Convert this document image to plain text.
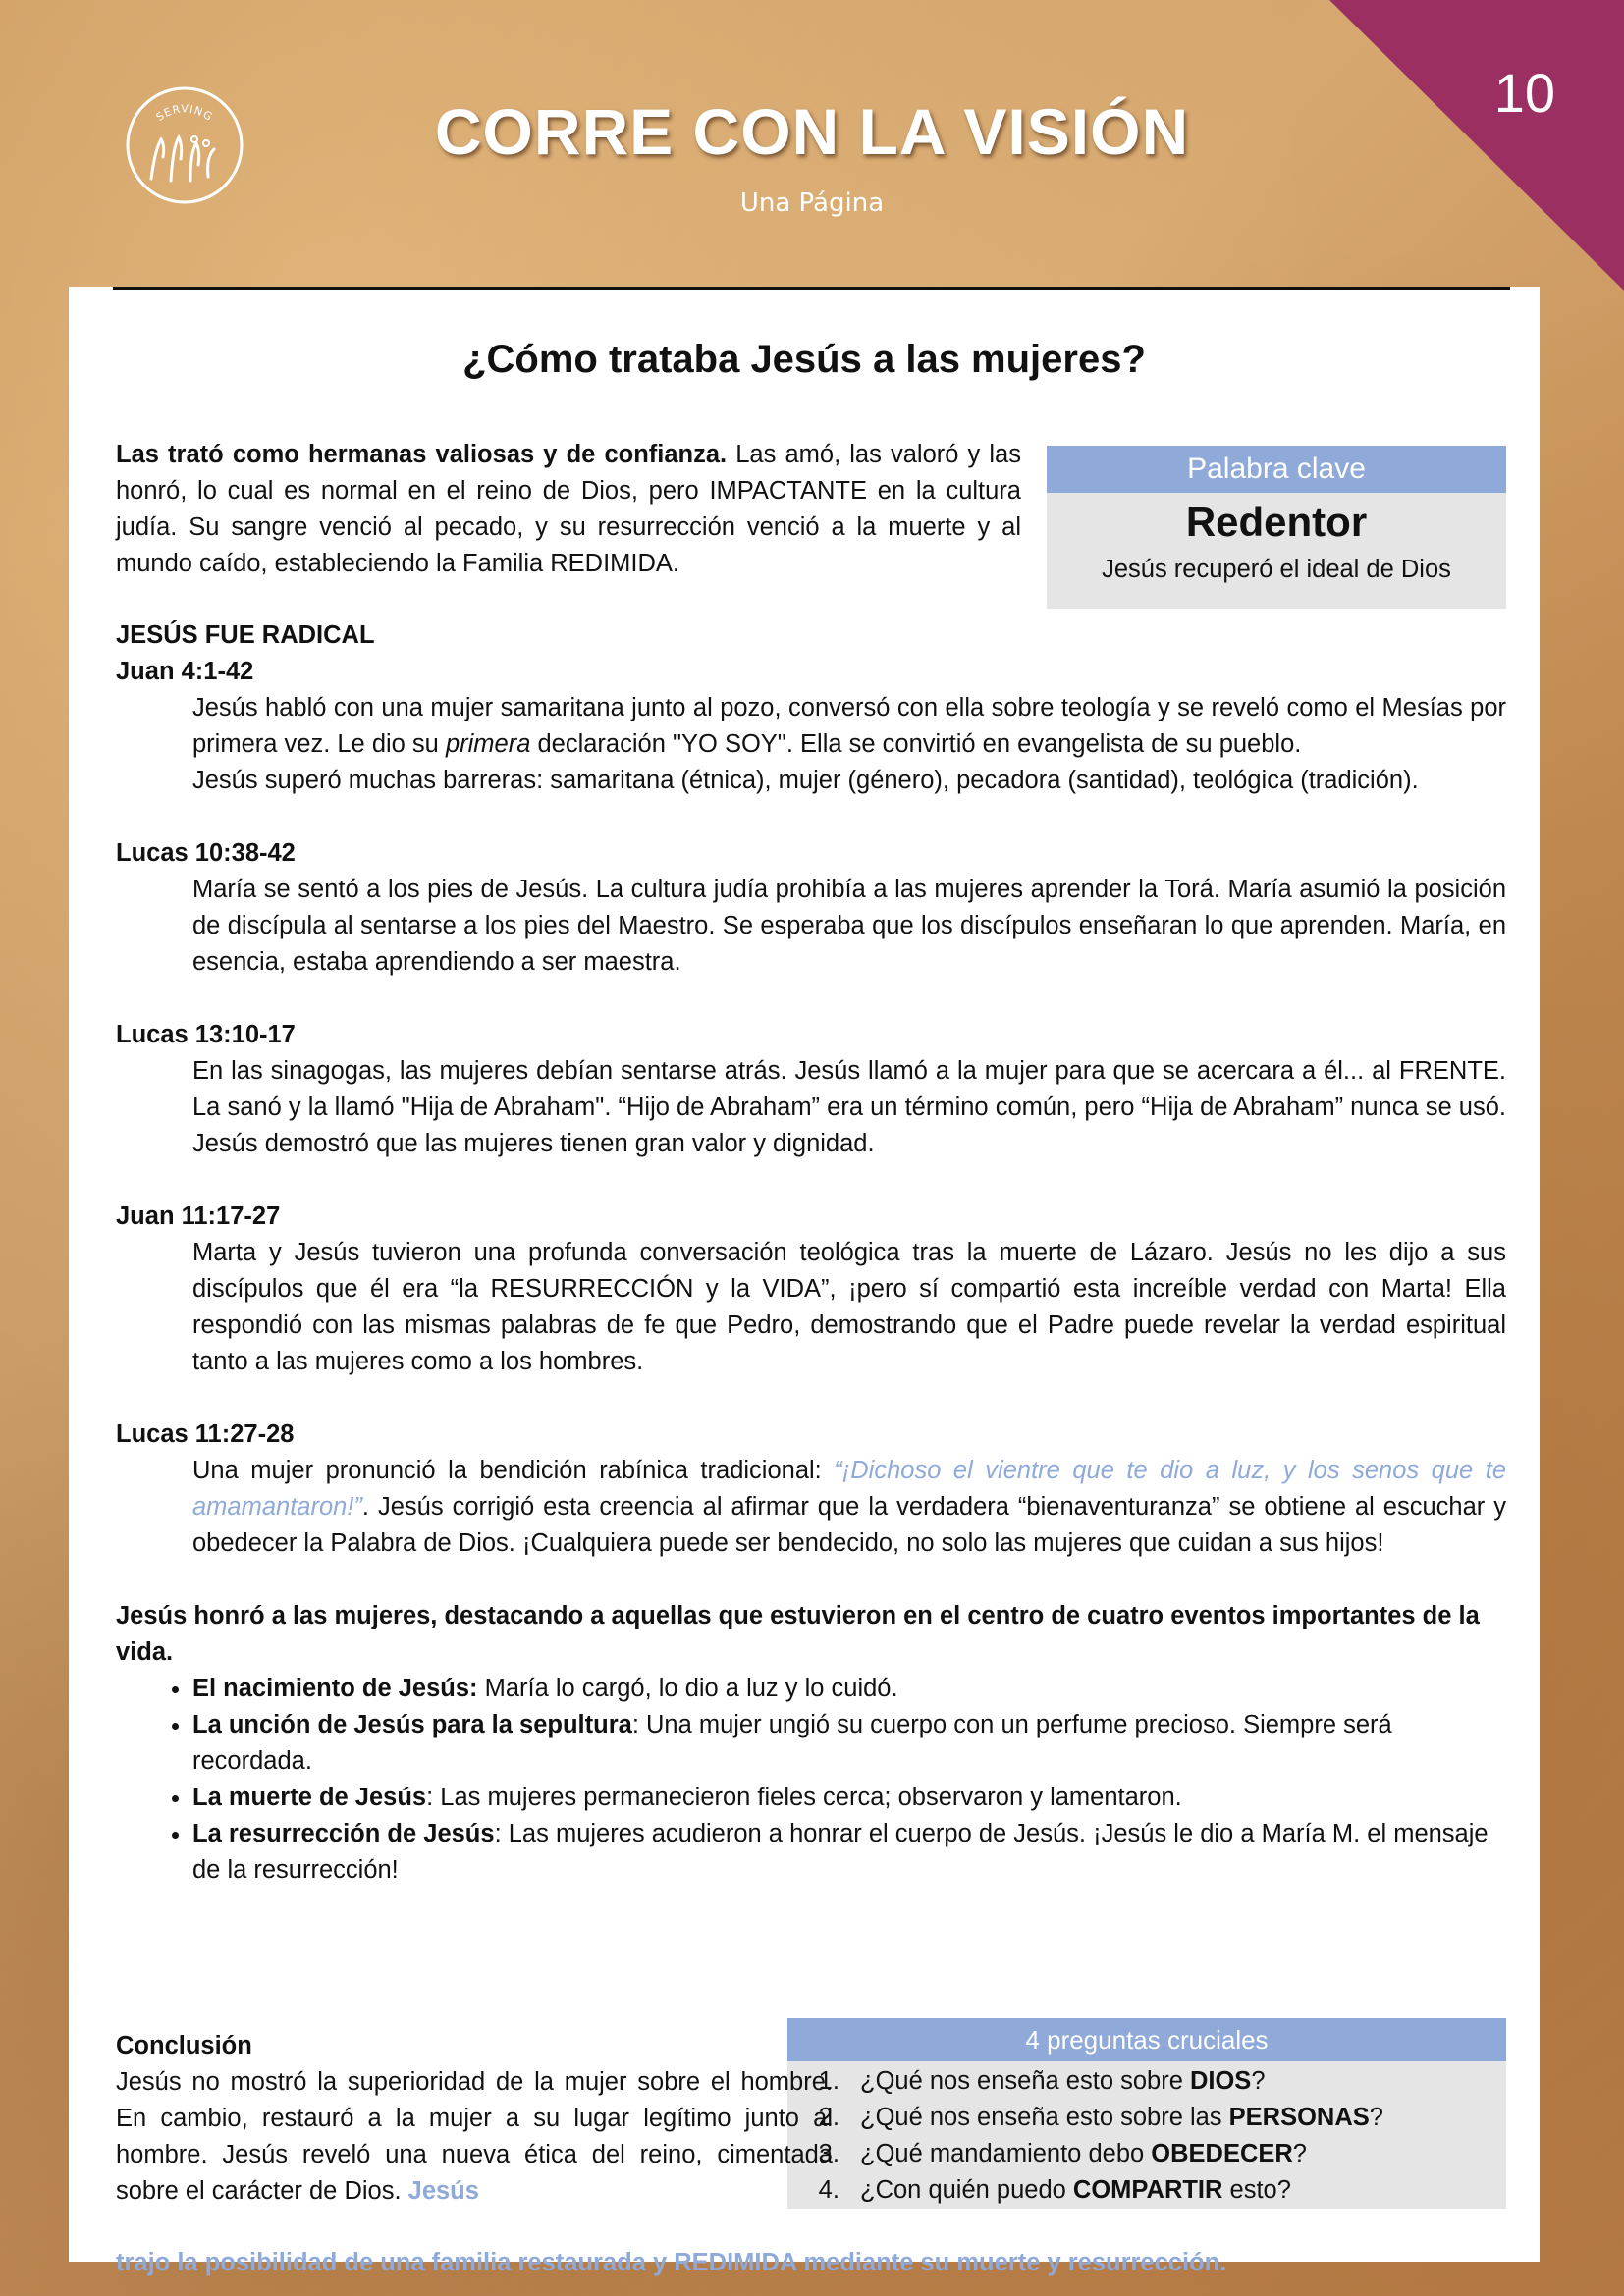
10
SERVING	CORRE CON LA VISIÓN
Una Página
¿Cómo trataba Jesús a las mujeres?
Las trató como hermanas valiosas y de confianza. Las amó, las valoró y las honró, lo cual es normal en el reino de Dios, pero IMPACTANTE en la cultura judía. Su sangre venció al pecado, y su resurrección venció a la muerte y al mundo caído, estableciendo la Familia REDIMIDA.
Palabra clave
Redentor
Jesús recuperó el ideal de Dios

JESÚS FUE RADICAL

Juan 4:1-42

Jesús habló con una mujer samaritana junto al pozo, conversó con ella sobre teología y se reveló como el Mesías por primera vez. Le dio su primera declaración "YO SOY". Ella se convirtió en evangelista de su pueblo.

Jesús superó muchas barreras: samaritana (étnica), mujer (género), pecadora (santidad), teológica (tradición).

Lucas 10:38-42

María se sentó a los pies de Jesús. La cultura judía prohibía a las mujeres aprender la Torá. María asumió la posición de discípula al sentarse a los pies del Maestro. Se esperaba que los discípulos enseñaran lo que aprenden. María, en esencia, estaba aprendiendo a ser maestra.

Lucas 13:10-17

En las sinagogas, las mujeres debían sentarse atrás. Jesús llamó a la mujer para que se acercara a él... al FRENTE. La sanó y la llamó "Hija de Abraham". “Hijo de Abraham” era un término común, pero “Hija de Abraham” nunca se usó. Jesús demostró que las mujeres tienen gran valor y dignidad.

Juan 11:17-27

Marta y Jesús tuvieron una profunda conversación teológica tras la muerte de Lázaro. Jesús no les dijo a sus discípulos que él era “la RESURRECCIÓN y la VIDA”, ¡pero sí compartió esta increíble verdad con Marta! Ella respondió con las mismas palabras de fe que Pedro, demostrando que el Padre puede revelar la verdad espiritual tanto a las mujeres como a los hombres.

Lucas 11:27-28

Una mujer pronunció la bendición rabínica tradicional: “¡Dichoso el vientre que te dio a luz, y los senos que te amamantaron!”. Jesús corrigió esta creencia al afirmar que la verdadera “bienaventuranza” se obtiene al escuchar y obedecer la Palabra de Dios. ¡Cualquiera puede ser bendecido, no solo las mujeres que cuidan a sus hijos!

Jesús honró a las mujeres, destacando a aquellas que estuvieron en el centro de cuatro eventos importantes de la vida.

• El nacimiento de Jesús: María lo cargó, lo dio a luz y lo cuidó.
• La unción de Jesús para la sepultura: Una mujer ungió su cuerpo con un perfume precioso. Siempre será recordada.
• La muerte de Jesús: Las mujeres permanecieron fieles cerca; observaron y lamentaron.
• La resurrección de Jesús: Las mujeres acudieron a honrar el cuerpo de Jesús. ¡Jesús le dio a María M. el mensaje de la resurrección!
4 preguntas cruciales
1. ¿Qué nos enseña esto sobre DIOS?
2. ¿Qué nos enseña esto sobre las PERSONAS?
3. ¿Qué mandamiento debo OBEDECER?
4. ¿Con quién puedo COMPARTIR esto?
Conclusión
Jesús no mostró la superioridad de la mujer sobre el hombre. En cambio, restauró a la mujer a su lugar legítimo junto al hombre. Jesús reveló una nueva ética del reino, cimentada sobre el carácter de Dios. Jesús
trajo la posibilidad de una familia restaurada y REDIMIDA mediante su muerte y resurrección.
